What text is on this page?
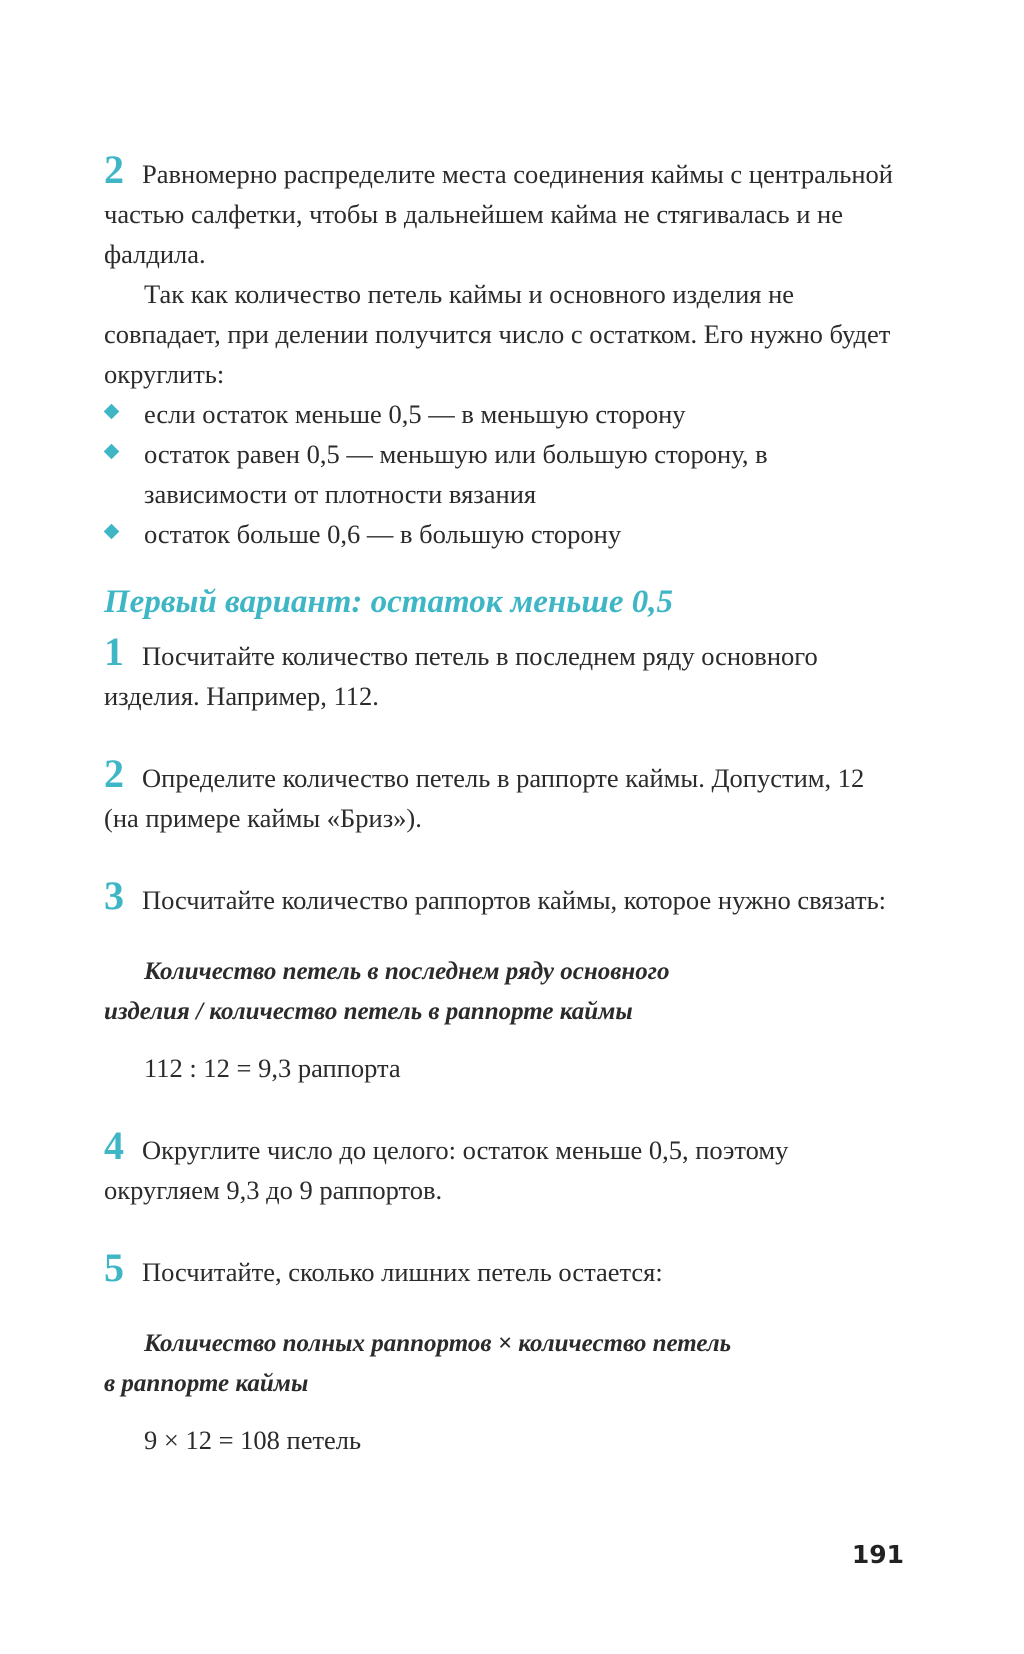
2 Равномерно распределите места соединения каймы с центральной частью салфетки, чтобы в дальнейшем кайма не стягивалась и не фалдила.

Так как количество петель каймы и основного изделия не совпадает, при делении получится число с остатком. Его нужно будет округлить:

если остаток меньше 0,5 — в меньшую сторону
остаток равен 0,5 — меньшую или большую сторону, в зависимости от плотности вязания
остаток больше 0,6 — в большую сторону
Первый вариант: остаток меньше 0,5

1 Посчитайте количество петель в последнем ряду основного изделия. Например, 112.

2 Определите количество петель в раппорте каймы. Допустим, 12 (на примере каймы «Бриз»).

3 Посчитайте количество раппортов каймы, которое нужно связать:

Количество петель в последнем ряду основного
изделия / количество петель в раппорте каймы

112 : 12 = 9,3 раппорта

4 Округлите число до целого: остаток меньше 0,5, поэтому округляем 9,3 до 9 раппортов.

5 Посчитайте, сколько лишних петель остается:

Количество полных раппортов × количество петель
в раппорте каймы

9 × 12 = 108 петель

191
